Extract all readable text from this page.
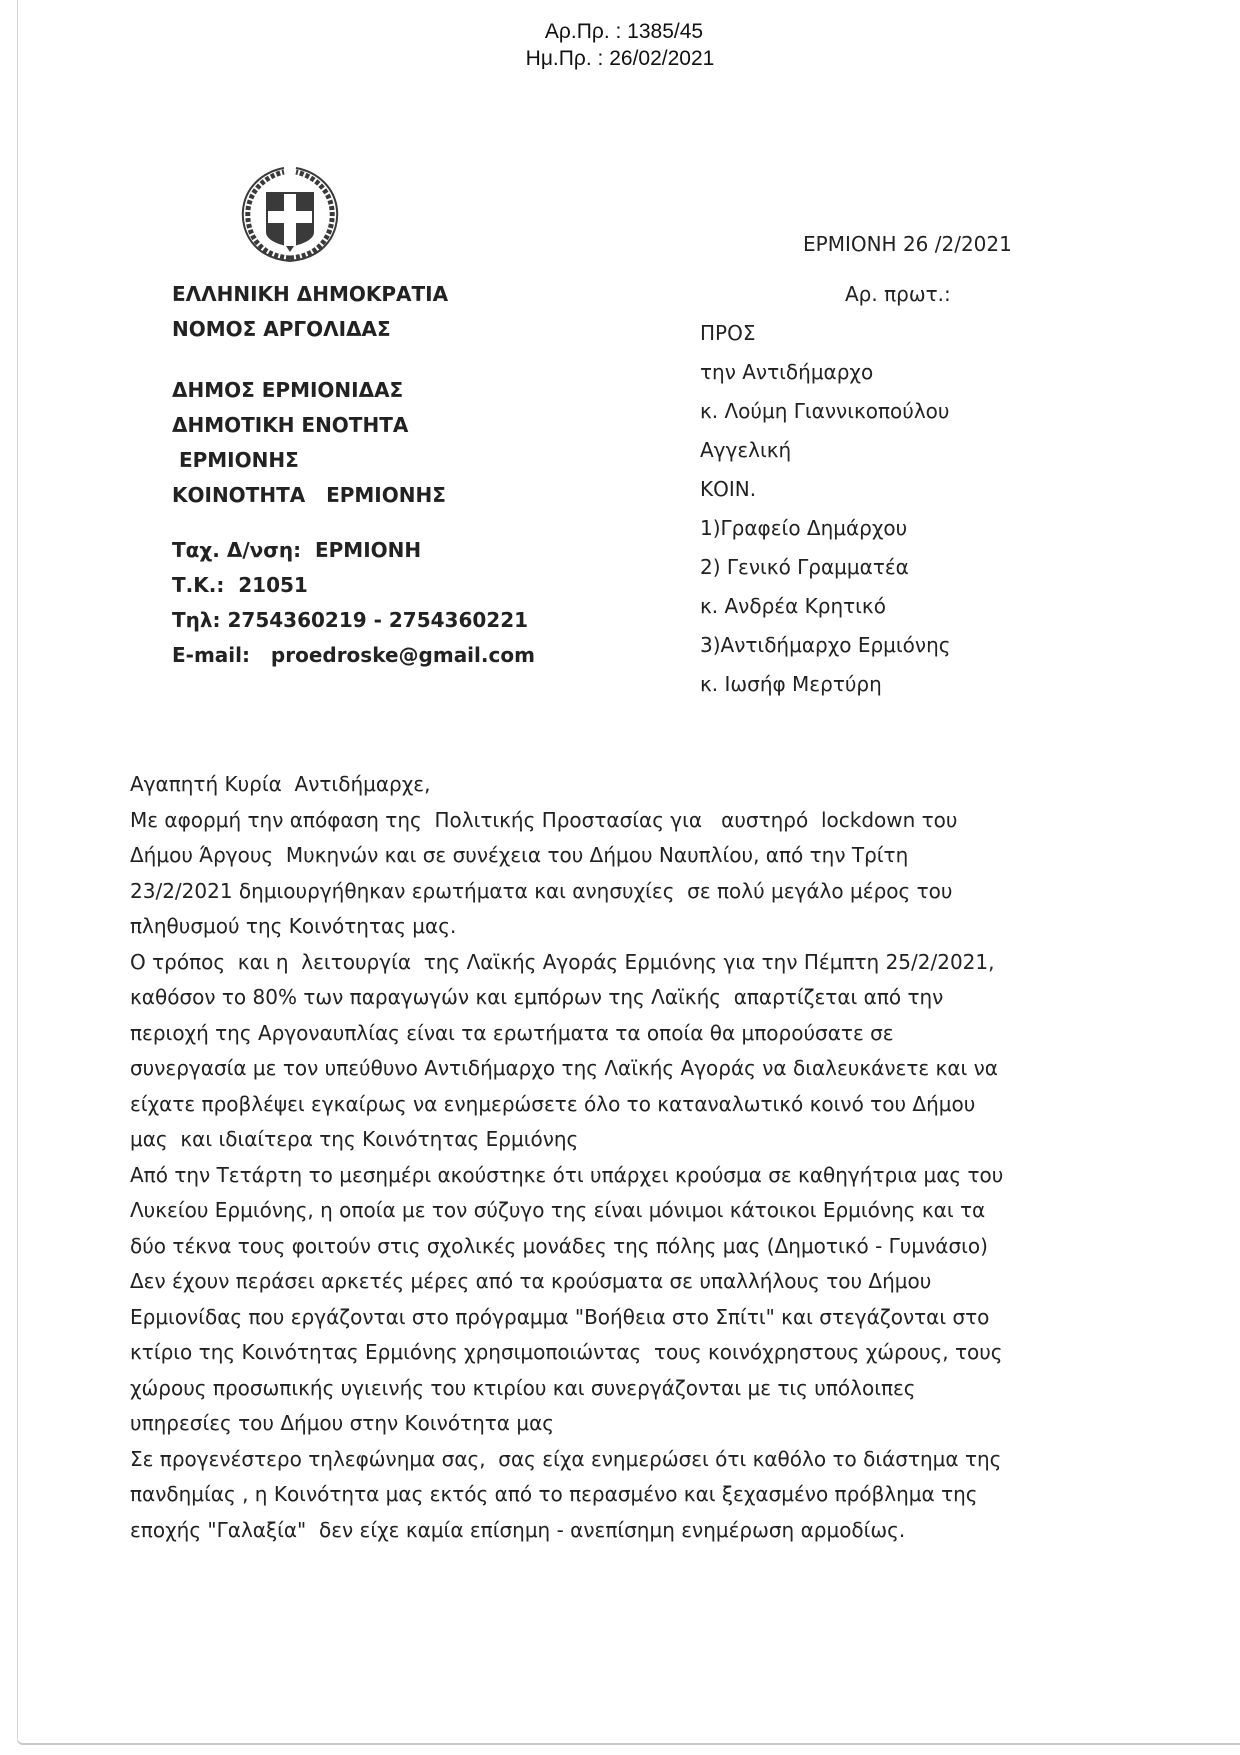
Αρ.Πρ. : 1385/45
Ημ.Πρ. : 26/02/2021
ΕΛΛΗΝΙΚΗ ΔΗΜΟΚΡΑΤΙΑ
ΝΟΜΟΣ ΑΡΓΟΛΙΔΑΣ
ΔΗΜΟΣ ΕΡΜΙΟΝΙΔΑΣ
ΔΗΜΟΤΙΚΗ ΕΝΟΤΗΤΑ
ΕΡΜΙΟΝΗΣ
ΚΟΙΝΟΤΗΤΑ   ΕΡΜΙΟΝΗΣ
Ταχ. Δ/νση:  ΕΡΜΙΟΝΗ
Τ.Κ.:  21051
Τηλ: 2754360219 - 2754360221
E-mail:   proedroske@gmail.com
ΕΡΜΙΟΝΗ 26 /2/2021
Αρ. πρωτ.:
ΠΡΟΣ
την Αντιδήμαρχο
κ. Λούμη Γιαννικοπούλου
Αγγελική
ΚΟΙΝ.
1)Γραφείο Δημάρχου
2) Γενικό Γραμματέα
κ. Ανδρέα Κρητικό
3)Αντιδήμαρχο Ερμιόνης
κ. Ιωσήφ Μερτύρη
Αγαπητή Κυρία  Αντιδήμαρχε,
Με αφορμή την απόφαση της  Πολιτικής Προστασίας για   αυστηρό  lockdown του
Δήμου Άργους  Μυκηνών και σε συνέχεια του Δήμου Ναυπλίου, από την Τρίτη
23/2/2021 δημιουργήθηκαν ερωτήματα και ανησυχίες  σε πολύ μεγάλο μέρος του
πληθυσμού της Κοινότητας μας.
Ο τρόπος  και η  λειτουργία  της Λαϊκής Αγοράς Ερμιόνης για την Πέμπτη 25/2/2021,
καθόσον το 80% των παραγωγών και εμπόρων της Λαϊκής  απαρτίζεται από την
περιοχή της Αργοναυπλίας είναι τα ερωτήματα τα οποία θα μπορούσατε σε
συνεργασία με τον υπεύθυνο Αντιδήμαρχο της Λαϊκής Αγοράς να διαλευκάνετε και να
είχατε προβλέψει εγκαίρως να ενημερώσετε όλο το καταναλωτικό κοινό του Δήμου
μας  και ιδιαίτερα της Κοινότητας Ερμιόνης
Από την Τετάρτη το μεσημέρι ακούστηκε ότι υπάρχει κρούσμα σε καθηγήτρια μας του
Λυκείου Ερμιόνης, η οποία με τον σύζυγο της είναι μόνιμοι κάτοικοι Ερμιόνης και τα
δύο τέκνα τους φοιτούν στις σχολικές μονάδες της πόλης μας (Δημοτικό - Γυμνάσιο)
Δεν έχουν περάσει αρκετές μέρες από τα κρούσματα σε υπαλλήλους του Δήμου
Ερμιονίδας που εργάζονται στο πρόγραμμα "Βοήθεια στο Σπίτι" και στεγάζονται στο
κτίριο της Κοινότητας Ερμιόνης χρησιμοποιώντας  τους κοινόχρηστους χώρους, τους
χώρους προσωπικής υγιεινής του κτιρίου και συνεργάζονται με τις υπόλοιπες
υπηρεσίες του Δήμου στην Κοινότητα μας
Σε προγενέστερο τηλεφώνημα σας,  σας είχα ενημερώσει ότι καθόλο το διάστημα της
πανδημίας , η Κοινότητα μας εκτός από το περασμένο και ξεχασμένο πρόβλημα της
εποχής "Γαλαξία"  δεν είχε καμία επίσημη - ανεπίσημη ενημέρωση αρμοδίως.
